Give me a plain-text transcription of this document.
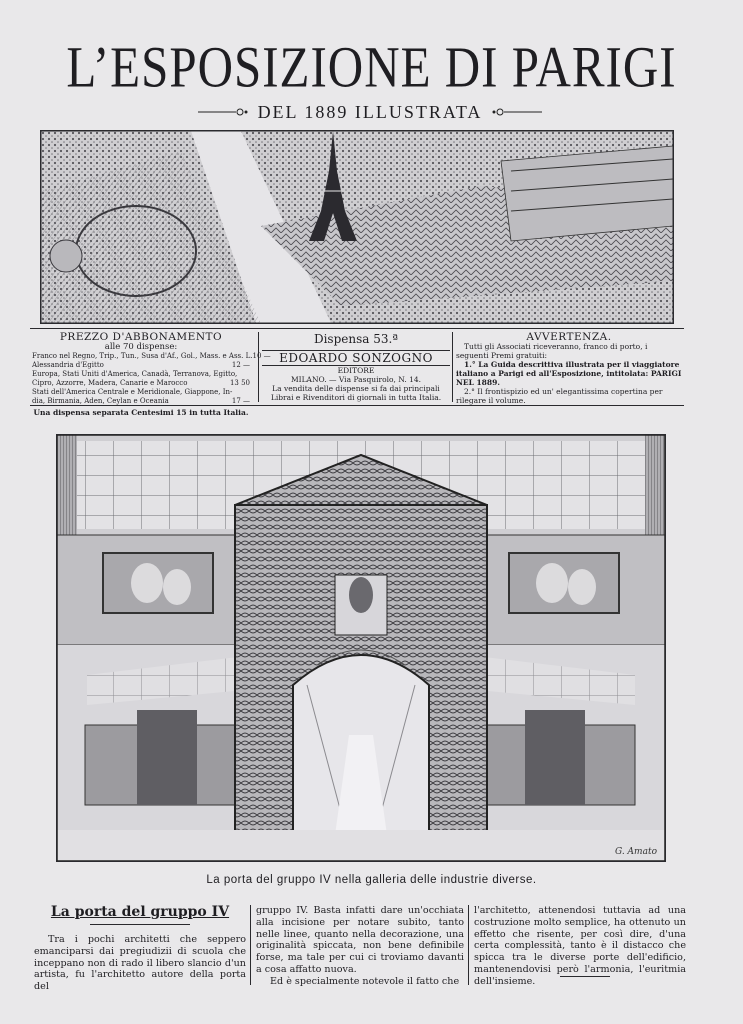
L’ESPOSIZIONE DI PARIGI
DEL 1889 ILLUSTRATA
PREZZO D'ABBONAMENTO
alle 70 dispense:
Franco nel Regno, Trip., Tun., Susa d'Af., Gol., Mass. e Ass. L. 10 —
Alessandria d'Egitto	12 —
Europa, Stati Uniti d'America, Canadà, Terranova, Egitto,
Cipro, Azzorre, Madera, Canarie e Marocco	13 50
Stati dell'America Centrale e Meridionale, Giappone, In-
dia, Birmania, Aden, Ceylan e Oceania	17 —
Una dispensa separata Centesimi 15 in tutta Italia.
Dispensa 53.ª
EDOARDO SONZOGNO
EDITORE
MILANO. — Via Pasquirolo, N. 14.
La vendita delle dispense si fa dai principali Librai e Rivenditori di giornali in tutta Italia.
AVVERTENZA.
Tutti gli Associati riceveranno, franco di porto, i seguenti Premi gratuiti:
1.° La Guida descrittiva illustrata per il viaggiatore italiano a Parigi ed all'Esposizione, intitolata: PARIGI NEL 1889.
2.° Il frontispizio ed un' elegantissima copertina per rilegare il volume.
G. Amato
La porta del gruppo IV nella galleria delle industrie diverse.
La porta del gruppo IV

Tra i pochi architetti che seppero emanciparsi dai pregiudizii di scuola che inceppano non di rado il libero slancio d'un artista, fu l'architetto autore della porta del

gruppo IV. Basta infatti dare un'occhiata alla incisione per notare subito, tanto nelle linee, quanto nella decorazione, una originalità spiccata, non bene definibile forse, ma tale per cui ci troviamo davanti a cosa affatto nuova.

Ed è specialmente notevole il fatto che

l'architetto, attenendosi tuttavia ad una costruzione molto semplice, ha ottenuto un effetto che risente, per così dire, d'una certa complessità, tanto è il distacco che spicca tra le diverse porte dell'edificio, mantenendovisi però l'armonia, l'euritmia dell'insieme.
